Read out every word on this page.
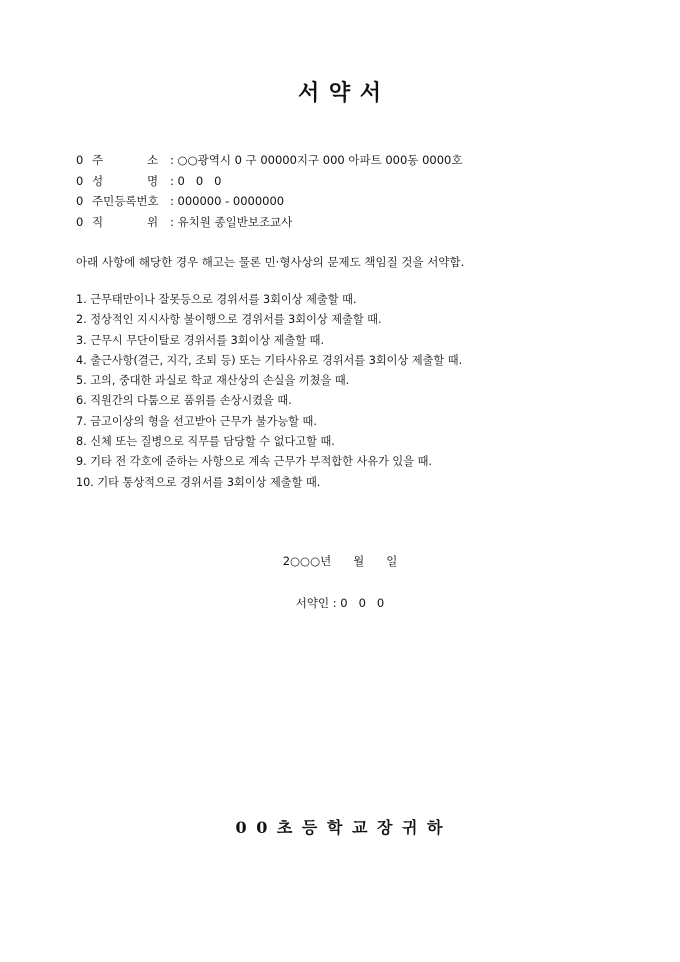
서 약 서
0 주            소 : ○○광역시 0 구 00000지구 000 아파트 000동 0000호
0 성            명 : 0   0   0
0 주민등록번호 : 000000 - 0000000
0 직            위 : 유치원 종일반보조교사
아래 사항에 해당한 경우 해고는 물론 민·형사상의 문제도 책임질 것을 서약함.
1. 근무태만이나 잘못등으로 경위서를 3회이상 제출할 때.
2. 정상적인 지시사항 불이행으로 경위서를 3회이상 제출할 때.
3. 근무시 무단이탈로 경위서를 3회이상 제출할 때.
4. 출근사항(결근, 지각, 조퇴 등) 또는 기타사유로 경위서를 3회이상 제출할 때.
5. 고의, 중대한 과실로 학교 재산상의 손실을 끼쳤을 때.
6. 직원간의 다툼으로 품위를 손상시켰을 때.
7. 금고이상의 형을 선고받아 근무가 불가능할 때.
8. 신체 또는 질병으로 직무를 담당할 수 없다고할 때.
9. 기타 전 각호에 준하는 사항으로 계속 근무가 부적합한 사유가 있을 때.
10. 기타 통상적으로 경위서를 3회이상 제출할 때.
2○○○년      월      일
서약인 : 0   0   0
0 0 초 등 학 교 장 귀 하
